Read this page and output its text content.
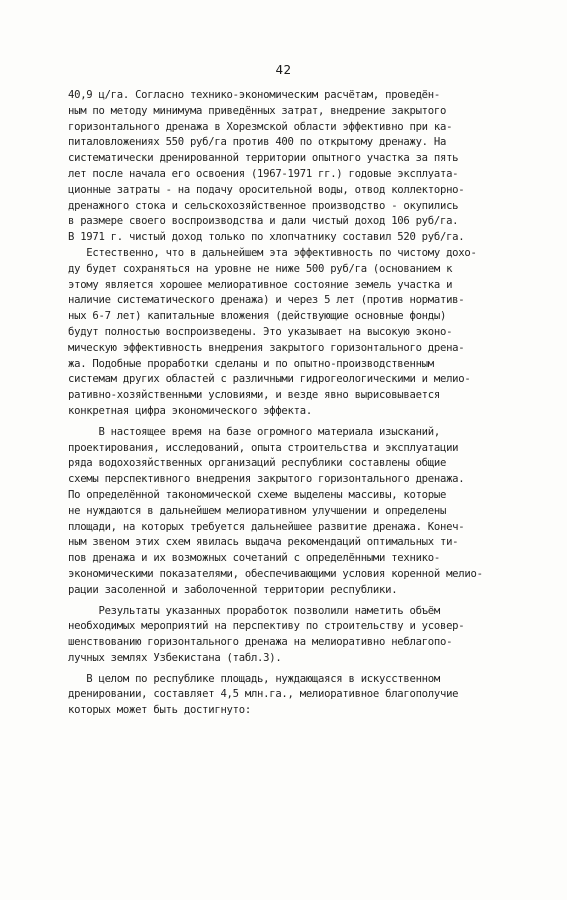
42
40,9 ц/га. Согласно технико-экономическим расчётам, проведён-
ным по методу минимума приведённых затрат, внедрение закрытого
горизонтального дренажа в Хорезмской области эффективно при ка-
питаловложениях 550 руб/га против 400 по открытому дренажу. На
систематически дренированной территории опытного участка за пять
лет после начала его освоения (1967-1971 гг.) годовые эксплуата-
ционные затраты - на подачу оросительной воды, отвод коллекторно-
дренажного стока и сельскохозяйственное производство - окупились
в размере своего воспроизводства и дали чистый доход 106 руб/га.
В 1971 г. чистый доход только по хлопчатнику составил 520 руб/га.
Естественно, что в дальнейшем эта эффективность по чистому дохо-
ду будет сохраняться на уровне не ниже 500 руб/га (основанием к
этому является хорошее мелиоративное состояние земель участка и
наличие систематического дренажа) и через 5 лет (против норматив-
ных 6-7 лет) капитальные вложения (действующие основные фонды)
будут полностью воспроизведены. Это указывает на высокую эконо-
мическую эффективность внедрения закрытого горизонтального дрена-
жа. Подобные проработки сделаны и по опытно-производственным
системам других областей с различными гидрогеологическими и мелио-
ративно-хозяйственными условиями, и везде явно вырисовывается
конкретная цифра экономического эффекта.
В настоящее время на базе огромного материала изысканий,
проектирования, исследований, опыта строительства и эксплуатации
ряда водохозяйственных организаций республики составлены общие
схемы перспективного внедрения закрытого горизонтального дренажа.
По определённой такономической схеме выделены массивы, которые
не нуждаются в дальнейшем мелиоративном улучшении и определены
площади, на которых требуется дальнейшее развитие дренажа. Конеч-
ным звеном этих схем явилась выдача рекомендаций оптимальных ти-
пов дренажа и их возможных сочетаний с определёнными технико-
экономическими показателями, обеспечивающими условия коренной мелио-
рации засоленной и заболоченной территории республики.
Результаты указанных проработок позволили наметить объём
необходимых мероприятий на перспективу по строительству и усовер-
шенствованию горизонтального дренажа на мелиоративно неблагопо-
лучных землях Узбекистана (табл.3).
В целом по республике площадь, нуждающаяся в искусственном
дренировании, составляет 4,5 млн.га., мелиоративное благополучие
которых может быть достигнуто:
